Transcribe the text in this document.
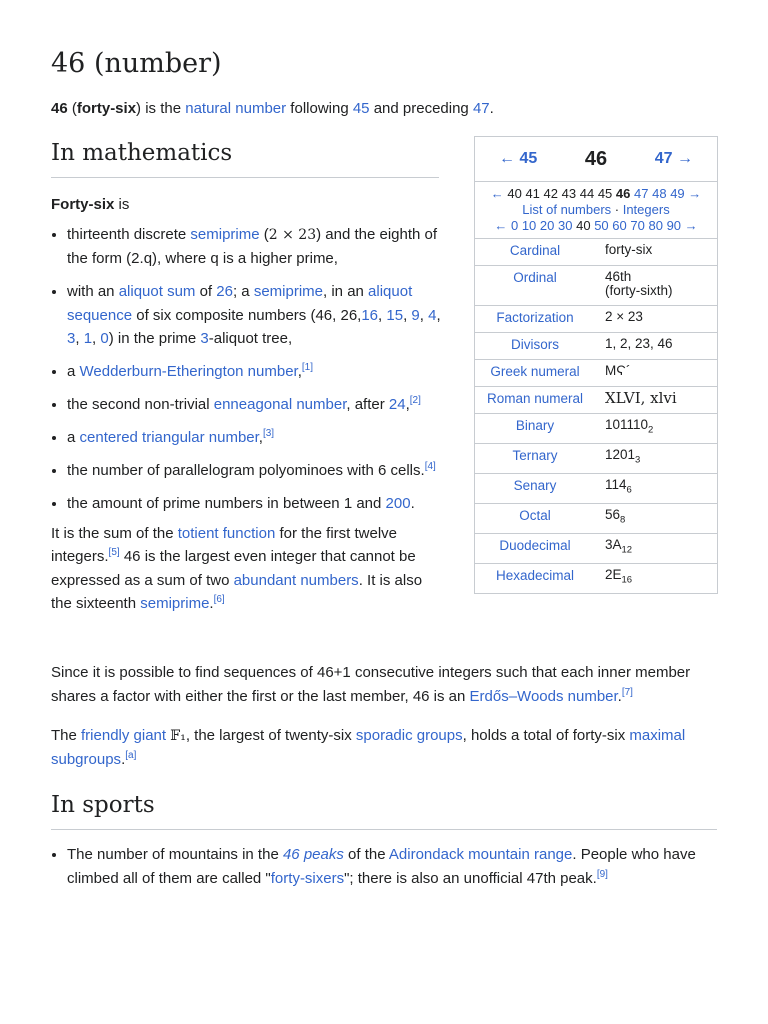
46 (number)

46 (forty-six) is the natural number following 45 and preceding 47.

In mathematics

Forty-six is

• thirteenth discrete semiprime (2 × 23) and the eighth of the form (2.q), where q is a higher prime,
• with an aliquot sum of 26; a semiprime, in an aliquot sequence of six composite numbers (46, 26,16, 15, 9, 4, 3, 1, 0) in the prime 3-aliquot tree,
• a Wedderburn-Etherington number,[1]
• the second non-trivial enneagonal number, after 24,[2]
• a centered triangular number,[3]
• the number of parallelogram polyominoes with 6 cells.[4]
• the amount of prime numbers in between 1 and 200.

It is the sum of the totient function for the first twelve integers.[5] 46 is the largest even integer that cannot be expressed as a sum of two abundant numbers. It is also the sixteenth semiprime.[6]

Since it is possible to find sequences of 46+1 consecutive integers such that each inner member shares a factor with either the first or the last member, 46 is an Erdős–Woods number.[7]

The friendly giant 𝔽₁, the largest of twenty-six sporadic groups, holds a total of forty-six maximal subgroups.[a]

In sports
• The number of mountains in the 46 peaks of the Adirondack mountain range. People who have climbed all of them are called "forty-sixers"; there is also an unofficial 47th peak.[9]
← 45 46	47 →
← 40 41 42 43 44 45 46 47 48 49 →
List of numbers · Integers
← 0 10 20 30 40 50 60 70 80 90 →
Cardinal	forty-six
Ordinal	46th
(forty-sixth)
Factorization	2 × 23
Divisors	1, 2, 23, 46
Greek numeral	ΜϚ´
Roman numeral	XLVI, xlvi
Binary	$101110_2$
Ternary	$1201_3$
Senary	$114_6$
Octal	$56_8$
Duodecimal	$3A_{12}$
Hexadecimal	$2E_{16}$
